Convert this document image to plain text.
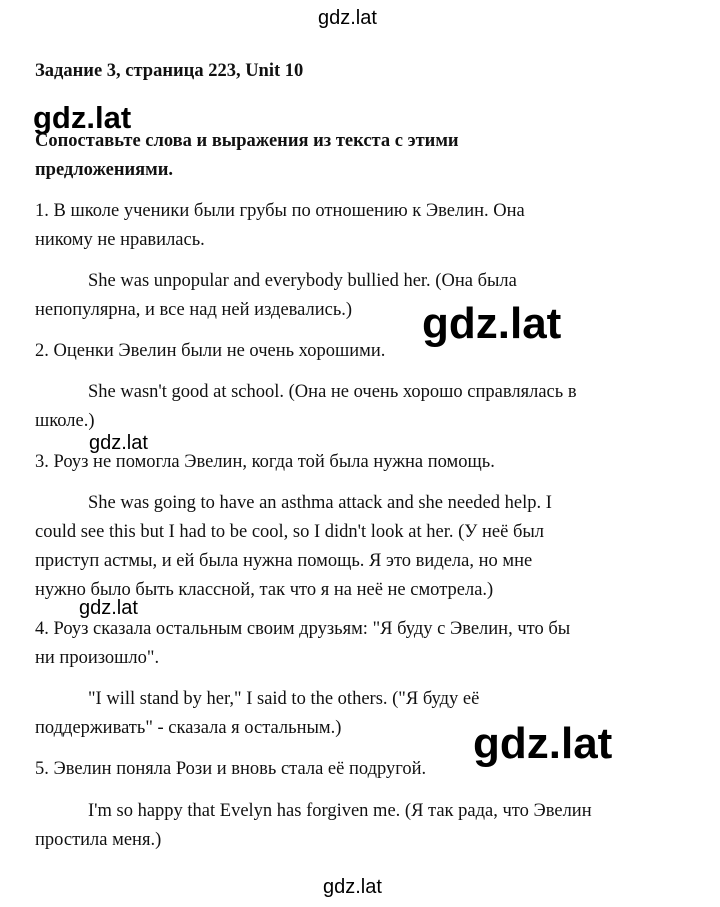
gdz.lat
Задание 3, страница 223, Unit 10
gdz.lat
Сопоставьте слова и выражения из текста с этими
предложениями.
1. В школе ученики были грубы по отношению к Эвелин. Она
никому не нравилась.
She was unpopular and everybody bullied her. (Она была
непопулярна, и все над ней издевались.) gdz.lat
2. Оценки Эвелин были не очень хорошими.
She wasn't good at school. (Она не очень хорошо справлялась в
школе.)
gdz.lat
3. Роуз не помогла Эвелин, когда той была нужна помощь.
She was going to have an asthma attack and she needed help. I
could see this but I had to be cool, so I didn't look at her. (У неё был
приступ астмы, и ей была нужна помощь. Я это видела, но мне
нужно было быть классной, так что я на неё не смотрела.)
gdz.lat
4. Роуз сказала остальным своим друзьям: "Я буду с Эвелин, что бы
ни произошло".
"I will stand by her," I said to the others. ("Я буду её
поддерживать" - сказала я остальным.)	gdz.lat
5. Эвелин поняла Рози и вновь стала её подругой.
I'm so happy that Evelyn has forgiven me. (Я так рада, что Эвелин
простила меня.)
gdz.lat
